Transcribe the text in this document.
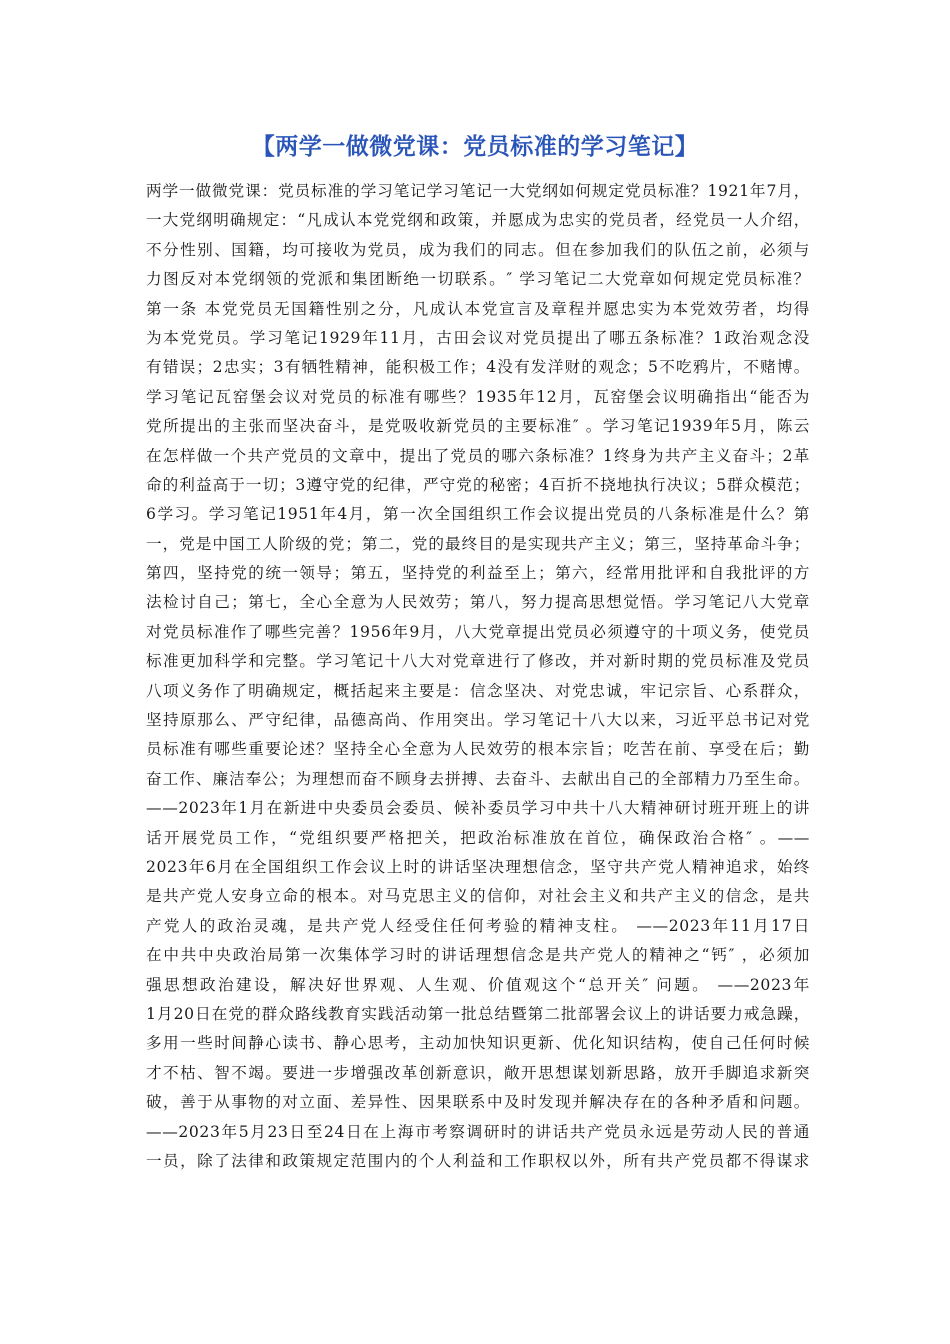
【两学一做微党课：党员标准的学习笔记】
两学一做微党课：党员标准的学习笔记学习笔记一大党纲如何规定党员标准？1921年7月，
一大党纲明确规定：“凡成认本党党纲和政策，并愿成为忠实的党员者，经党员一人介绍，
不分性别、国籍，均可接收为党员，成为我们的同志。但在参加我们的队伍之前，必须与
力图反对本党纲领的党派和集团断绝一切联系。″ 学习笔记二大党章如何规定党员标准？
第一条 本党党员无国籍性别之分，凡成认本党宣言及章程并愿忠实为本党效劳者，均得
为本党党员。学习笔记1929年11月，古田会议对党员提出了哪五条标准？1政治观念没
有错误；2忠实；3有牺牲精神，能积极工作；4没有发洋财的观念；5不吃鸦片，不赌博。
学习笔记瓦窑堡会议对党员的标准有哪些？1935年12月，瓦窑堡会议明确指出“能否为
党所提出的主张而坚决奋斗，是党吸收新党员的主要标准″ 。学习笔记1939年5月，陈云
在怎样做一个共产党员的文章中，提出了党员的哪六条标准？1终身为共产主义奋斗；2革
命的利益高于一切；3遵守党的纪律，严守党的秘密；4百折不挠地执行决议；5群众模范；
6学习。学习笔记1951年4月，第一次全国组织工作会议提出党员的八条标准是什么？第
一，党是中国工人阶级的党；第二，党的最终目的是实现共产主义；第三，坚持革命斗争；
第四，坚持党的统一领导；第五，坚持党的利益至上；第六，经常用批评和自我批评的方
法检讨自己；第七，全心全意为人民效劳；第八，努力提高思想觉悟。学习笔记八大党章
对党员标准作了哪些完善？1956年9月，八大党章提出党员必须遵守的十项义务，使党员
标准更加科学和完整。学习笔记十八大对党章进行了修改，并对新时期的党员标准及党员
八项义务作了明确规定，概括起来主要是：信念坚决、对党忠诚，牢记宗旨、心系群众，
坚持原那么、严守纪律，品德高尚、作用突出。学习笔记十八大以来，习近平总书记对党
员标准有哪些重要论述？坚持全心全意为人民效劳的根本宗旨；吃苦在前、享受在后；勤
奋工作、廉洁奉公；为理想而奋不顾身去拼搏、去奋斗、去献出自己的全部精力乃至生命。
——2023年1月在新进中央委员会委员、候补委员学习中共十八大精神研讨班开班上的讲
话开展党员工作，“党组织要严格把关，把政治标准放在首位，确保政治合格″ 。——
2023年6月在全国组织工作会议上时的讲话坚决理想信念，坚守共产党人精神追求，始终
是共产党人安身立命的根本。对马克思主义的信仰，对社会主义和共产主义的信念，是共
产党人的政治灵魂，是共产党人经受住任何考验的精神支柱。 ——2023年11月17日
在中共中央政治局第一次集体学习时的讲话理想信念是共产党人的精神之“钙″ ，必须加
强思想政治建设，解决好世界观、人生观、价值观这个“总开关″ 问题。 ——2023年
1月20日在党的群众路线教育实践活动第一批总结暨第二批部署会议上的讲话要力戒急躁，
多用一些时间静心读书、静心思考，主动加快知识更新、优化知识结构，使自己任何时候
才不枯、智不竭。要进一步增强改革创新意识，敞开思想谋划新思路，放开手脚追求新突
破，善于从事物的对立面、差异性、因果联系中及时发现并解决存在的各种矛盾和问题。
——2023年5月23日至24日在上海市考察调研时的讲话共产党员永远是劳动人民的普通
一员，除了法律和政策规定范围内的个人利益和工作职权以外，所有共产党员都不得谋求
